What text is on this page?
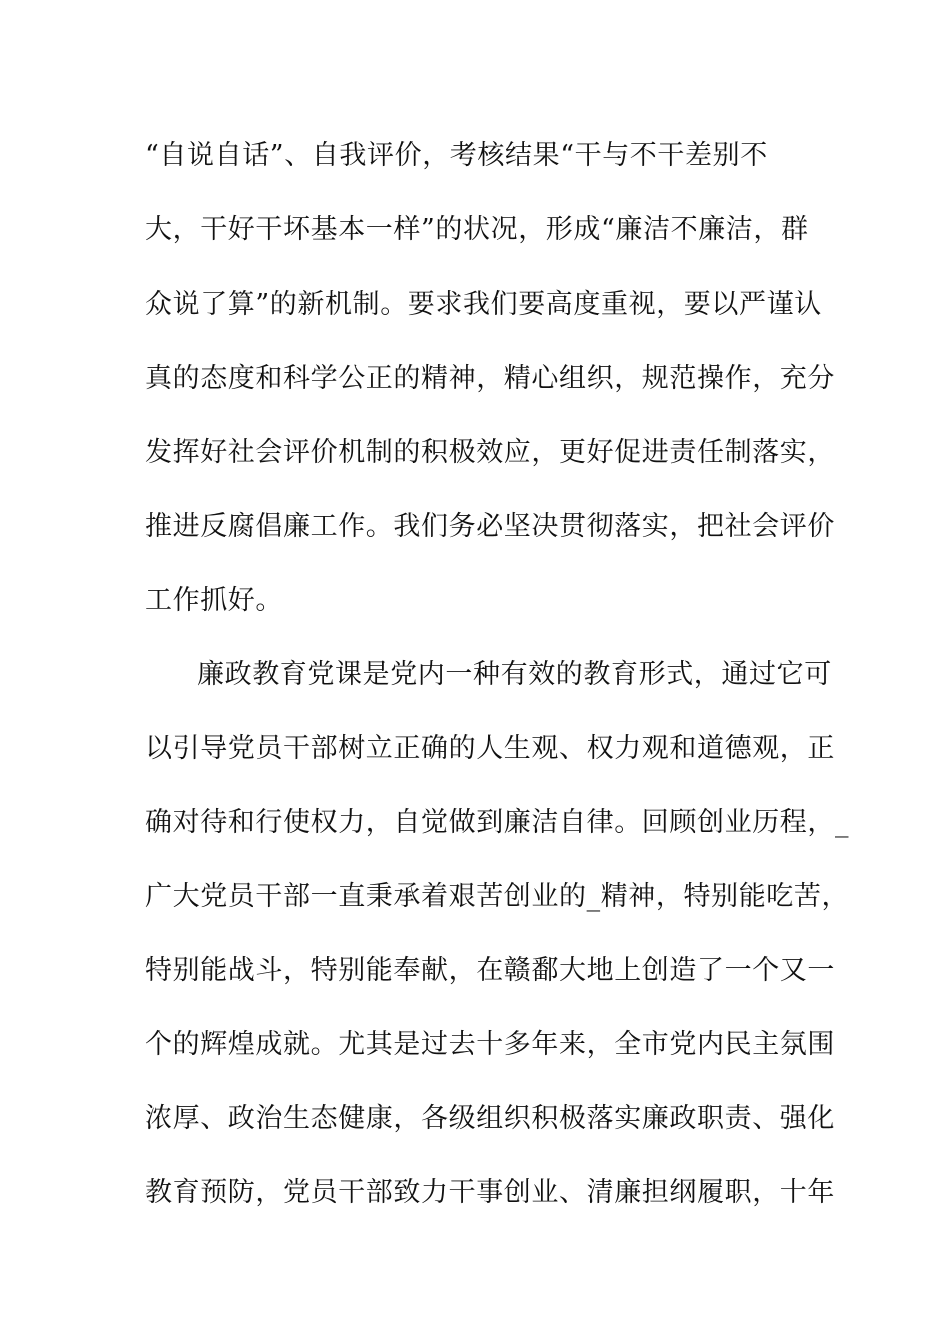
“自说自话”、自我评价，考核结果“干与不干差别不
大，干好干坏基本一样”的状况，形成“廉洁不廉洁，群
众说了算”的新机制。要求我们要高度重视，要以严谨认
真的态度和科学公正的精神，精心组织，规范操作，充分
发挥好社会评价机制的积极效应，更好促进责任制落实，
推进反腐倡廉工作。我们务必坚决贯彻落实，把社会评价
工作抓好。
廉政教育党课是党内一种有效的教育形式，通过它可
以引导党员干部树立正确的人生观、权力观和道德观，正
确对待和行使权力，自觉做到廉洁自律。回顾创业历程，_
广大党员干部一直秉承着艰苦创业的_精神，特别能吃苦，
特别能战斗，特别能奉献，在赣鄱大地上创造了一个又一
个的辉煌成就。尤其是过去十多年来，全市党内民主氛围
浓厚、政治生态健康，各级组织积极落实廉政职责、强化
教育预防，党员干部致力干事创业、清廉担纲履职，十年
